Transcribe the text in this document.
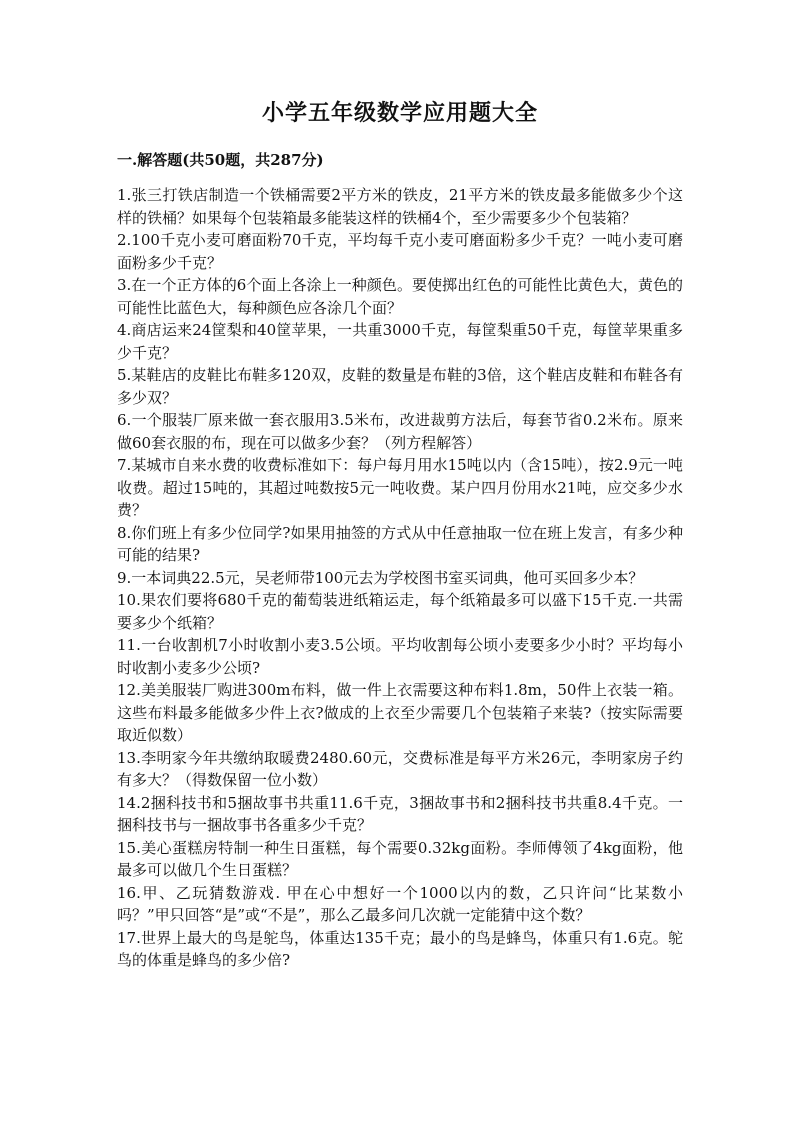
小学五年级数学应用题大全
一.解答题(共50题，共287分)
1.张三打铁店制造一个铁桶需要2平方米的铁皮，21平方米的铁皮最多能做多少个这样的铁桶？如果每个包装箱最多能装这样的铁桶4个，至少需要多少个包装箱？
2.100千克小麦可磨面粉70千克，平均每千克小麦可磨面粉多少千克？一吨小麦可磨面粉多少千克？
3.在一个正方体的6个面上各涂上一种颜色。要使掷出红色的可能性比黄色大，黄色的可能性比蓝色大，每种颜色应各涂几个面？
4.商店运来24筐梨和40筐苹果，一共重3000千克，每筐梨重50千克，每筐苹果重多少千克？
5.某鞋店的皮鞋比布鞋多120双，皮鞋的数量是布鞋的3倍，这个鞋店皮鞋和布鞋各有多少双？
6.一个服装厂原来做一套衣服用3.5米布，改进裁剪方法后，每套节省0.2米布。原来做60套衣服的布，现在可以做多少套？（列方程解答）
7.某城市自来水费的收费标准如下：每户每月用水15吨以内（含15吨），按2.9元一吨收费。超过15吨的，其超过吨数按5元一吨收费。某户四月份用水21吨，应交多少水费？
8.你们班上有多少位同学?如果用抽签的方式从中任意抽取一位在班上发言，有多少种可能的结果?
9.一本词典22.5元，吴老师带100元去为学校图书室买词典，他可买回多少本？
10.果农们要将680千克的葡萄装进纸箱运走，每个纸箱最多可以盛下15千克.一共需要多少个纸箱？
11.一台收割机7小时收割小麦3.5公顷。平均收割每公顷小麦要多少小时？平均每小时收割小麦多少公顷?
12.美美服装厂购进300m布料，做一件上衣需要这种布料1.8m，50件上衣装一箱。这些布料最多能做多少件上衣?做成的上衣至少需要几个包装箱子来装?（按实际需要取近似数）
13.李明家今年共缴纳取暖费2480.60元，交费标准是每平方米26元，李明家房子约有多大？（得数保留一位小数）
14.2捆科技书和5捆故事书共重11.6千克，3捆故事书和2捆科技书共重8.4千克。一捆科技书与一捆故事书各重多少千克？
15.美心蛋糕房特制一种生日蛋糕，每个需要0.32kg面粉。李师傅领了4kg面粉，他最多可以做几个生日蛋糕？
16.甲、乙玩猜数游戏. 甲在心中想好一个1000以内的数，乙只许问“比某数小吗？”甲只回答“是”或“不是”，那么乙最多问几次就一定能猜中这个数？
17.世界上最大的鸟是鸵鸟，体重达135千克；最小的鸟是蜂鸟，体重只有1.6克。鸵鸟的体重是蜂鸟的多少倍?
